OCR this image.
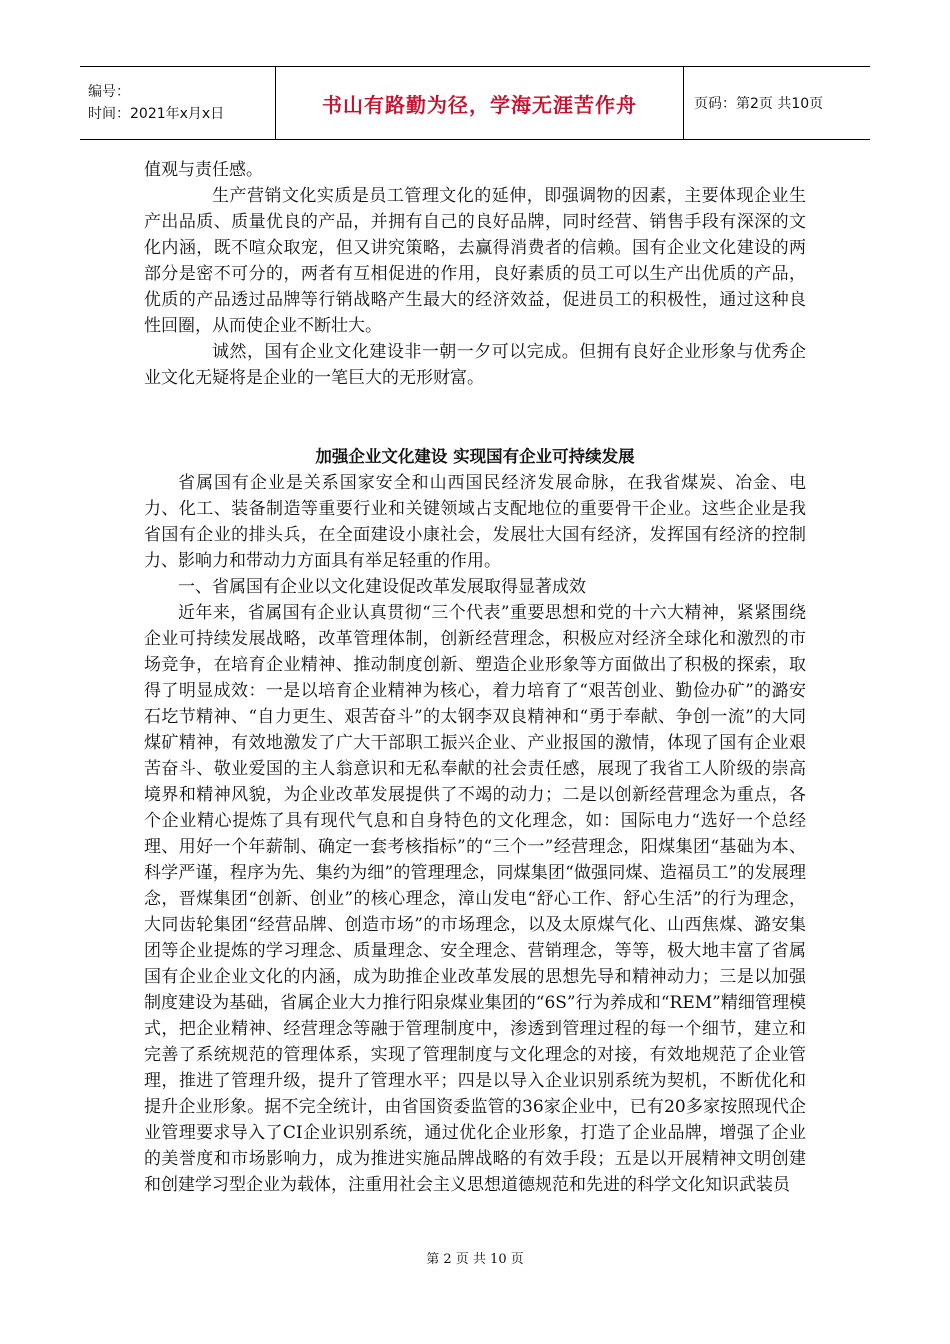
编号：
时间：2021年x月x日	书山有路勤为径，学海无涯苦作舟	页码：第2页 共10页

值观与责任感。

生产营销文化实质是员工管理文化的延伸，即强调物的因素，主要体现企业生产出品质、质量优良的产品，并拥有自己的良好品牌，同时经营、销售手段有深深的文化内涵，既不喧众取宠，但又讲究策略，去赢得消费者的信赖。国有企业文化建设的两部分是密不可分的，两者有互相促进的作用，良好素质的员工可以生产出优质的产品，优质的产品透过品牌等行销战略产生最大的经济效益，促进员工的积极性，通过这种良性回圈，从而使企业不断壮大。

诚然，国有企业文化建设非一朝一夕可以完成。但拥有良好企业形象与优秀企业文化无疑将是企业的一笔巨大的无形财富。

加强企业文化建设 实现国有企业可持续发展

省属国有企业是关系国家安全和山西国民经济发展命脉，在我省煤炭、冶金、电力、化工、装备制造等重要行业和关键领域占支配地位的重要骨干企业。这些企业是我省国有企业的排头兵，在全面建设小康社会，发展壮大国有经济，发挥国有经济的控制力、影响力和带动力方面具有举足轻重的作用。

一、省属国有企业以文化建设促改革发展取得显著成效

近年来，省属国有企业认真贯彻“三个代表”重要思想和党的十六大精神，紧紧围绕企业可持续发展战略，改革管理体制，创新经营理念，积极应对经济全球化和激烈的市场竞争，在培育企业精神、推动制度创新、塑造企业形象等方面做出了积极的探索，取得了明显成效：一是以培育企业精神为核心，着力培育了“艰苦创业、勤俭办矿”的潞安石圪节精神、“自力更生、艰苦奋斗”的太钢李双良精神和“勇于奉献、争创一流”的大同煤矿精神，有效地激发了广大干部职工振兴企业、产业报国的激情，体现了国有企业艰苦奋斗、敬业爱国的主人翁意识和无私奉献的社会责任感，展现了我省工人阶级的崇高境界和精神风貌，为企业改革发展提供了不竭的动力；二是以创新经营理念为重点，各个企业精心提炼了具有现代气息和自身特色的文化理念，如：国际电力“选好一个总经理、用好一个年薪制、确定一套考核指标”的“三个一”经营理念，阳煤集团“基础为本、科学严谨，程序为先、集约为细”的管理理念，同煤集团“做强同煤、造福员工”的发展理念，晋煤集团“创新、创业”的核心理念，漳山发电“舒心工作、舒心生活”的行为理念，大同齿轮集团“经营品牌、创造市场”的市场理念，以及太原煤气化、山西焦煤、潞安集团等企业提炼的学习理念、质量理念、安全理念、营销理念，等等，极大地丰富了省属国有企业企业文化的内涵，成为助推企业改革发展的思想先导和精神动力；三是以加强制度建设为基础，省属企业大力推行阳泉煤业集团的“6S”行为养成和“REM”精细管理模式，把企业精神、经营理念等融于管理制度中，渗透到管理过程的每一个细节，建立和完善了系统规范的管理体系，实现了管理制度与文化理念的对接，有效地规范了企业管理，推进了管理升级，提升了管理水平；四是以导入企业识别系统为契机，不断优化和提升企业形象。据不完全统计，由省国资委监管的36家企业中，已有20多家按照现代企业管理要求导入了CI企业识别系统，通过优化企业形象，打造了企业品牌，增强了企业的美誉度和市场影响力，成为推进实施品牌战略的有效手段；五是以开展精神文明创建和创建学习型企业为载体，注重用社会主义思想道德规范和先进的科学文化知识武装员

第 2 页 共 10 页
